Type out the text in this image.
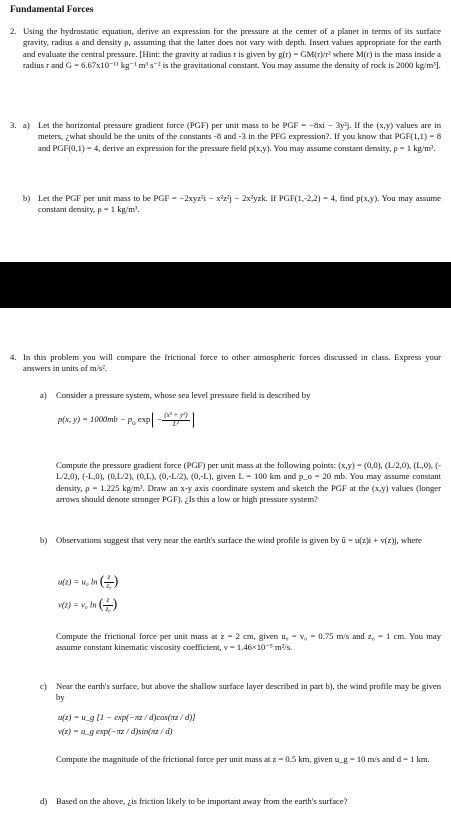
Fundamental Forces
2. Using the hydrostatic equation, derive an expression for the pressure at the center of a planet in terms of its surface gravity, radius a and density ρ, assuming that the latter does not vary with depth. Insert values appropriate for the earth and evaluate the central pressure. [Hint: the gravity at radius r is given by g(r) = GM(r)/r² where M(r) is the mass inside a radius r and G = 6.67x10⁻¹¹ kg⁻¹ m³ s⁻² is the gravitational constant. You may assume the density of rock is 2000 kg/m³].

3. a) Let the horizontal pressure gradient force (PGF) per unit mass to be PGF = −8xi − 3y²j. If the (x,y) values are in meters, ¿what should be the units of the constants -8 and -3 in the PFG expression?. If you know that PGF(1,1) = 8 and PGF(0,1) = 4, derive an expression for the pressure field p(x,y). You may assume constant density, ρ = 1 kg/m³.

b) Let the PGF per unit mass to be PGF = −2xyz²i − x²z²j − 2x²yzk. If PGF(1,-2,2) = 4, find p(x,y). You may assume constant density, ρ = 1 kg/m³.

4. In this problem you will compare the frictional force to other atmospheric forces discussed in class. Express your answers in units of m/s².

a) Consider a pressure system, whose sea level pressure field is described by

p(x, $y) = 1000mb - p_o$ $\exp - \frac{\text{(x² + y²)}}{\text{L²}}$

Compute the pressure gradient force (PGF) per unit mass at the following points: (x,y) = (0,0), (L/2,0), (L,0), (-L/2,0), (-L,0), (0,L/2), (0,L), (0,-L/2), (0,-L), given L = 100 km and p_o = 20 mb. You may assume constant density, ρ = 1.225 kg/m³. Draw an x-y axis coordinate system and sketch the PGF at the (x,y) values (longer arrows should denote stronger PGF). ¿Is this a low or high pressure system?

b) Observations suggest that very near the earth's surface the wind profile is given by ū = u(z)i + v(z)j, where

u(z) = u₀ ln ( $\frac{z}{\text{z₀}}$ )
v(z) = v₀ ln ( $\frac{z}{\text{z₀}}$ )

Compute the frictional force per unit mass at z = 2 cm, given u₀ = v₀ = 0.75 m/s and z₀ = 1 cm. You may assume constant kinematic viscosity coefficient, ν = 1.46×10⁻⁵ m²/s.

c) Near the earth's surface, but above the shallow surface layer described in part b), the wind profile may be given by

u(z) = u_g [1 − exp(−πz / d)cos(πz / d)]
v(z) = u_g exp(−πz / d)sin(πz / d)

Compute the magnitude of the frictional force per unit mass at z = 0.5 km, given u_g = 10 m/s and d = 1 km.

d) Based on the above, ¿is friction likely to be important away from the earth's surface?
